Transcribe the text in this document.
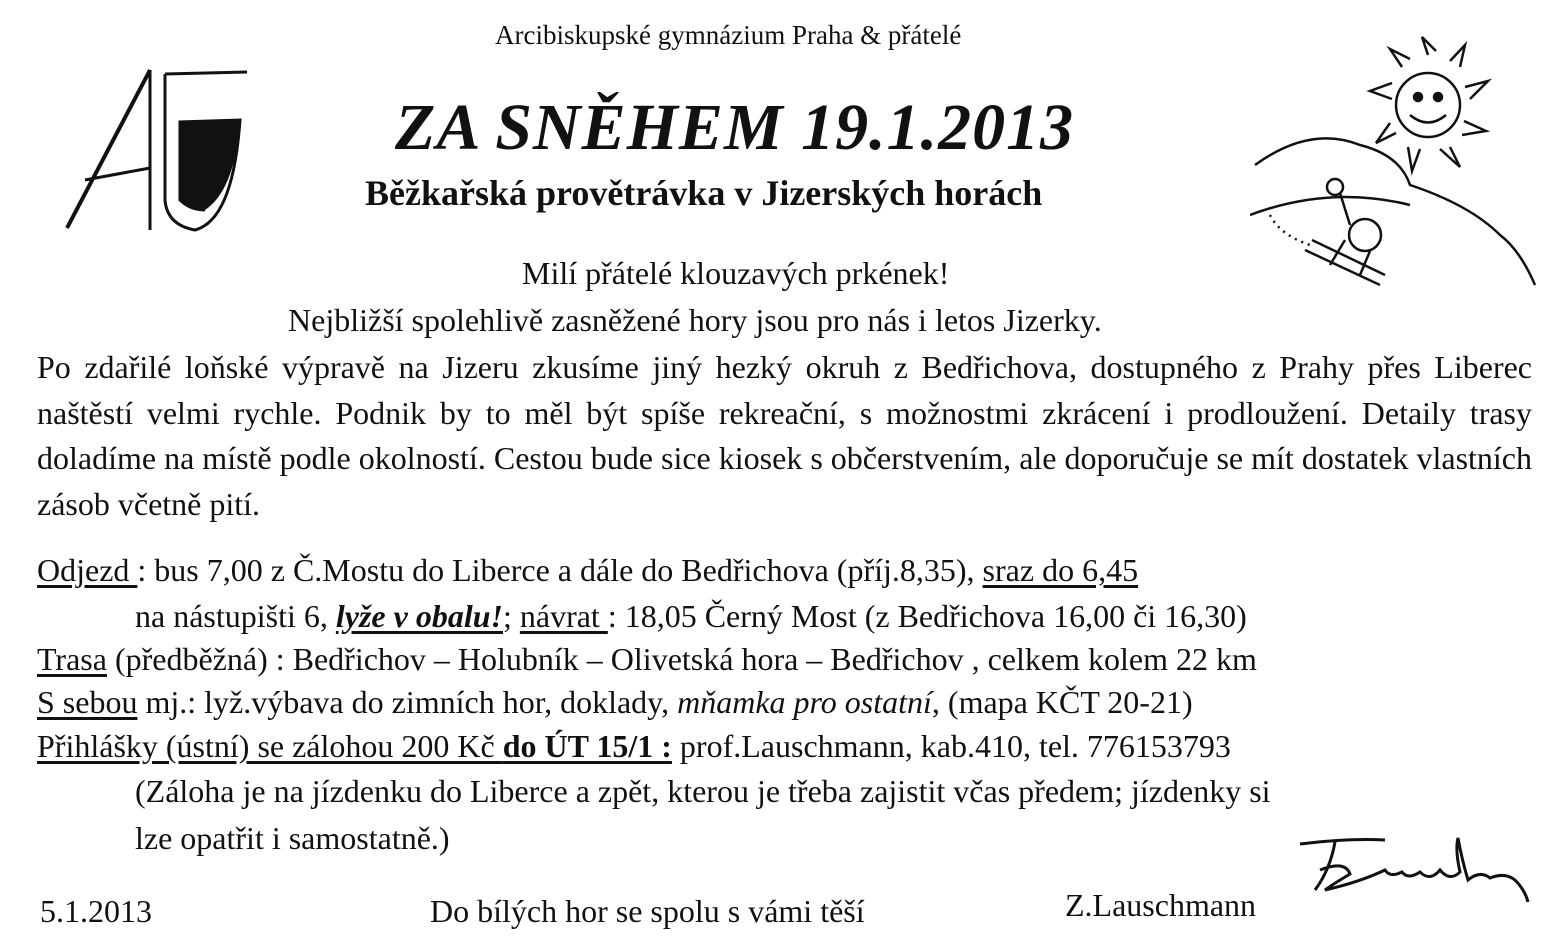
Arcibiskupské gymnázium Praha & přátelé
ZA SNĚHEM 19.1.2013
Běžkařská provětrávka v Jizerských horách
Milí přátelé klouzavých prkének!
Nejbližší spolehlivě zasněžené hory jsou pro nás i letos Jizerky.
Po zdařilé loňské výpravě na Jizeru zkusíme jiný hezký okruh z Bedřichova, dostupného z Prahy přes Liberec naštěstí velmi rychle. Podnik by to měl být spíše rekreační, s možnostmi zkrácení i prodloužení. Detaily trasy doladíme na místě podle okolností. Cestou bude sice kiosek s občerstvením, ale doporučuje se mít dostatek vlastních zásob včetně pití.
Odjezd : bus 7,00 z Č.Mostu do Liberce a dále do Bedřichova (příj.8,35), sraz do 6,45
na nástupišti 6, lyže v obalu!; návrat : 18,05 Černý Most (z Bedřichova 16,00 či 16,30)
Trasa (předběžná) : Bedřichov – Holubník – Olivetská hora – Bedřichov , celkem kolem 22 km
S sebou mj.: lyž.výbava do zimních hor, doklady, mňamka pro ostatní, (mapa KČT 20-21)
Přihlášky (ústní) se zálohou 200 Kč do ÚT 15/1 : prof.Lauschmann, kab.410, tel. 776153793
(Záloha je na jízdenku do Liberce a zpět, kterou je třeba zajistit včas předem; jízdenky si
lze opatřit i samostatně.)
5.1.2013	Do bílých hor se spolu s vámi těší	Z.Lauschmann
